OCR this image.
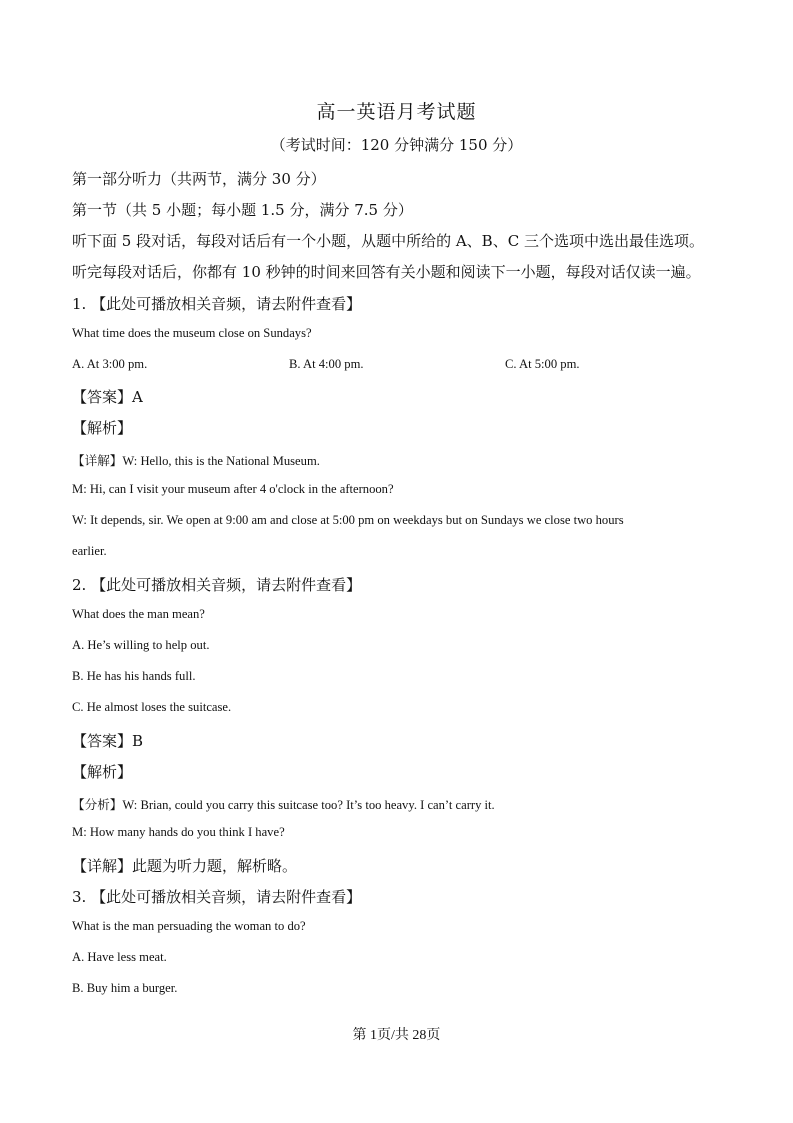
高一英语月考试题
（考试时间：120 分钟满分 150 分）
第一部分听力（共两节，满分 30 分）
第一节（共 5 小题；每小题 1.5 分，满分 7.5 分）
听下面 5 段对话，每段对话后有一个小题，从题中所给的 A、B、C 三个选项中选出最佳选项。
听完每段对话后，你都有 10 秒钟的时间来回答有关小题和阅读下一小题，每段对话仅读一遍。
1. 【此处可播放相关音频，请去附件查看】
What time does the museum close on Sundays?
A. At 3:00 pm.	B. At 4:00 pm.	C. At 5:00 pm.
【答案】A
【解析】
【详解】W: Hello, this is the National Museum.
M: Hi, can I visit your museum after 4 o'clock in the afternoon?
W: It depends, sir. We open at 9:00 am and close at 5:00 pm on weekdays but on Sundays we close two hours
earlier.
2. 【此处可播放相关音频，请去附件查看】
What does the man mean?
A. He’s willing to help out.
B. He has his hands full.
C. He almost loses the suitcase.
【答案】B
【解析】
【分析】W: Brian, could you carry this suitcase too? It’s too heavy. I can’t carry it.
M: How many hands do you think I have?
【详解】此题为听力题，解析略。
3. 【此处可播放相关音频，请去附件查看】
What is the man persuading the woman to do?
A. Have less meat.
B. Buy him a burger.
第 1页/共 28页
